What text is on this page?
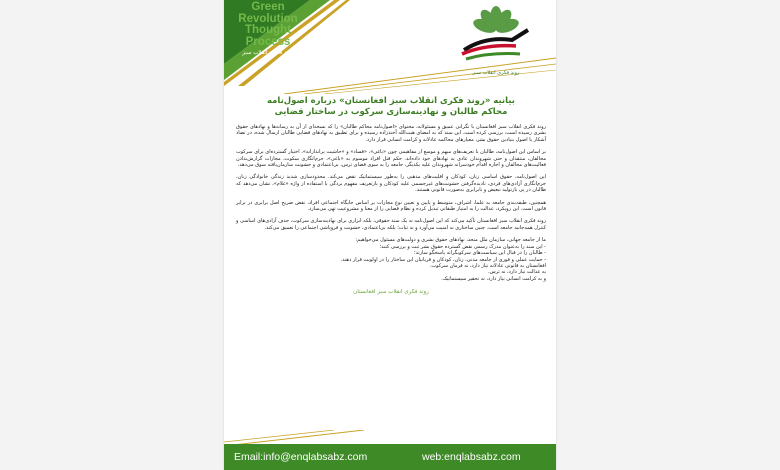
Green
Revolution
Thought
Process
روند فکری انقلاب سبز
روند فکری انقلاب سبز
بیانیه «روند فکری انقلاب سبز افغانستان» درباره اصول‌نامه
محاکم طالبان و نهادینه‌سازی سرکوب در ساختار قضایی

روند فکری انقلاب سبز افغانستان با نگرانی عمیق و مسئولانه، محتوای «اصول‌نامه محاکم طالبان» را که نسخه‌ای از آن به رسانه‌ها و نهادهای حقوق بشری رسیده است، بررسی کرده است. این سند که به امضای هبت‌الله آخندزاده رسیده و برای تطبیق به نهادهای قضایی طالبان ارسال شده، در تضاد آشکار با اصول بنیادین حقوق بشر، معیارهای محاکمه عادلانه و کرامت انسانی قرار دارد.

بر اساس این اصول‌نامه، طالبان با تعریف‌های مبهم و موسع از مفاهیمی چون «باغی»، «فساد» و «حاشیت براندازانه»، اختیار گسترده‌ای برای سرکوب مخالفان، منتقدان و حتی شهروندان عادی به نهادهای خود داده‌اند. حکم قتل افراد موسوم به «باغی»، جرم‌انگاری سکوت، مجازات گزارش‌ندادن فعالیت‌های مخالفان و اجازه اقدام خودسرانه شهروندان علیه یکدیگر، جامعه را به سوی قضای ترس، بی‌اعتمادی و خشونت سازمان‌یافته سوق می‌دهد.

این اصول‌نامه، حقوق اساسی زنان، کودکان و اقلیت‌های مذهبی را به‌طور سیستماتیک نقض می‌کند. محدودسازی شدید زندگی خانوادگی زنان، جرم‌انگاری آزادی‌های فردی، نادیده‌گرفتن خشونت‌های غیرجسمی علیه کودکان و بازتعریف مفهوم بردگی با استفاده از واژه «غلام»، نشان می‌دهد که طالبان در پی بازتولید تبعیض و نابرابری به‌صورت قانونی هستند.

همچنین، طبقه‌بندی جامعه به علما، اشراف، متوسط و پایین و تعیین نوع مجازات بر اساس جایگاه اجتماعی افراد، نقض صریح اصل برابری در برابر قانون است. این رویکرد، عدالت را به امتیاز طبقاتی تبدیل کرده و نظام قضایی را از معنا و مشروعیت تهی می‌سازد.

روند فکری انقلاب سبز افغانستان تأکید می‌کند که این اصول‌نامه نه یک سند حقوقی، بلکه ابزاری برای نهادینه‌سازی سرکوب، حذف آزادی‌های اساسی و کنترل همه‌جانبه جامعه است. چنین ساختاری نه امنیت می‌آورد و نه ثبات؛ بلکه بی‌اعتمادی، خشونت و فروپاشی اجتماعی را تعمیق می‌کند.

ما از جامعه جهانی، سازمان ملل متحد، نهادهای حقوق بشری و دولت‌های مسئول می‌خواهیم:

- این سند را به‌عنوان مدرک رسمی نقض گسترده حقوق بشر ثبت و بررسی کنند؛

- طالبان را در قبال این سیاست‌های سرکوبگرانه پاسخگو سازند؛

- حمایت عملی و فوری از جامعه مدنی، زنان، کودکان و قربانیان این ساختار را در اولویت قرار دهند.

افغانستان به قانونی عادلانه نیاز دارد، نه فرمان سرکوب.

به عدالت نیاز دارد، نه ترس.

و به کرامت انسانی نیاز دارد، نه تحقیر سیستماتیک.

روند فکری انقلاب سبز افغانستان
Email:info@enqlabsabz.com	web:enqlabsabz.com
